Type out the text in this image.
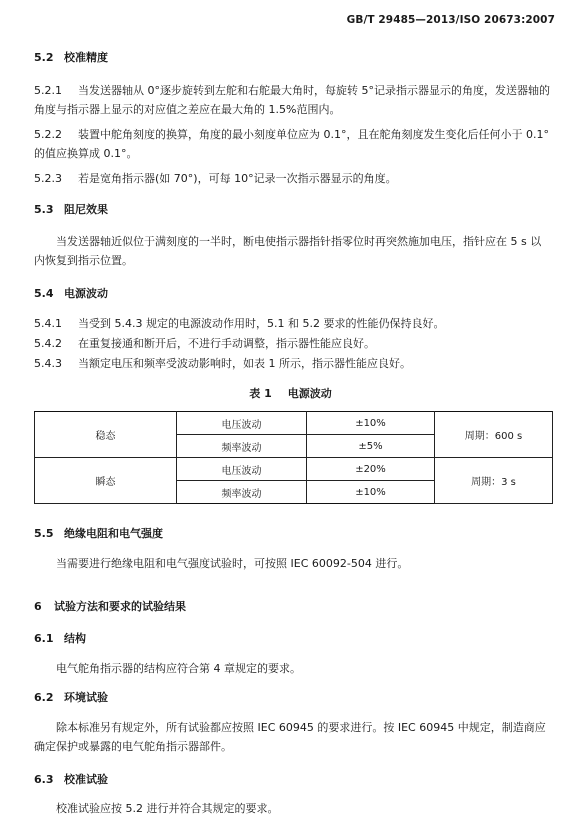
GB/T 29485—2013/ISO 20673:2007
5.2 校准精度
5.2.1 当发送器轴从 0°逐步旋转到左舵和右舵最大角时，每旋转 5°记录指示器显示的角度，发送器轴的角度与指示器上显示的对应值之差应在最大角的 1.5%范围内。
5.2.2 装置中舵角刻度的换算，角度的最小刻度单位应为 0.1°，且在舵角刻度发生变化后任何小于 0.1°的值应换算成 0.1°。
5.2.3 若是宽角指示器(如 70°)，可每 10°记录一次指示器显示的角度。
5.3 阻尼效果
当发送器轴近似位于满刻度的一半时，断电使指示器指针指零位时再突然施加电压，指针应在 5 s 以内恢复到指示位置。
5.4 电源波动
5.4.1 当受到 5.4.3 规定的电源波动作用时，5.1 和 5.2 要求的性能仍保持良好。
5.4.2 在重复接通和断开后，不进行手动调整，指示器性能应良好。
5.4.3 当额定电压和频率受波动影响时，如表 1 所示，指示器性能应良好。
表 1 电源波动
稳态	电压波动	±10%	周期：600 s
	频率波动	±5%	
瞬态	电压波动	±20%	周期：3 s
	频率波动	±10%	
5.5 绝缘电阻和电气强度
当需要进行绝缘电阻和电气强度试验时，可按照 IEC 60092-504 进行。
6 试验方法和要求的试验结果
6.1 结构
电气舵角指示器的结构应符合第 4 章规定的要求。
6.2 环境试验
除本标准另有规定外，所有试验都应按照 IEC 60945 的要求进行。按 IEC 60945 中规定，制造商应确定保护或暴露的电气舵角指示器部件。
6.3 校准试验
校准试验应按 5.2 进行并符合其规定的要求。
